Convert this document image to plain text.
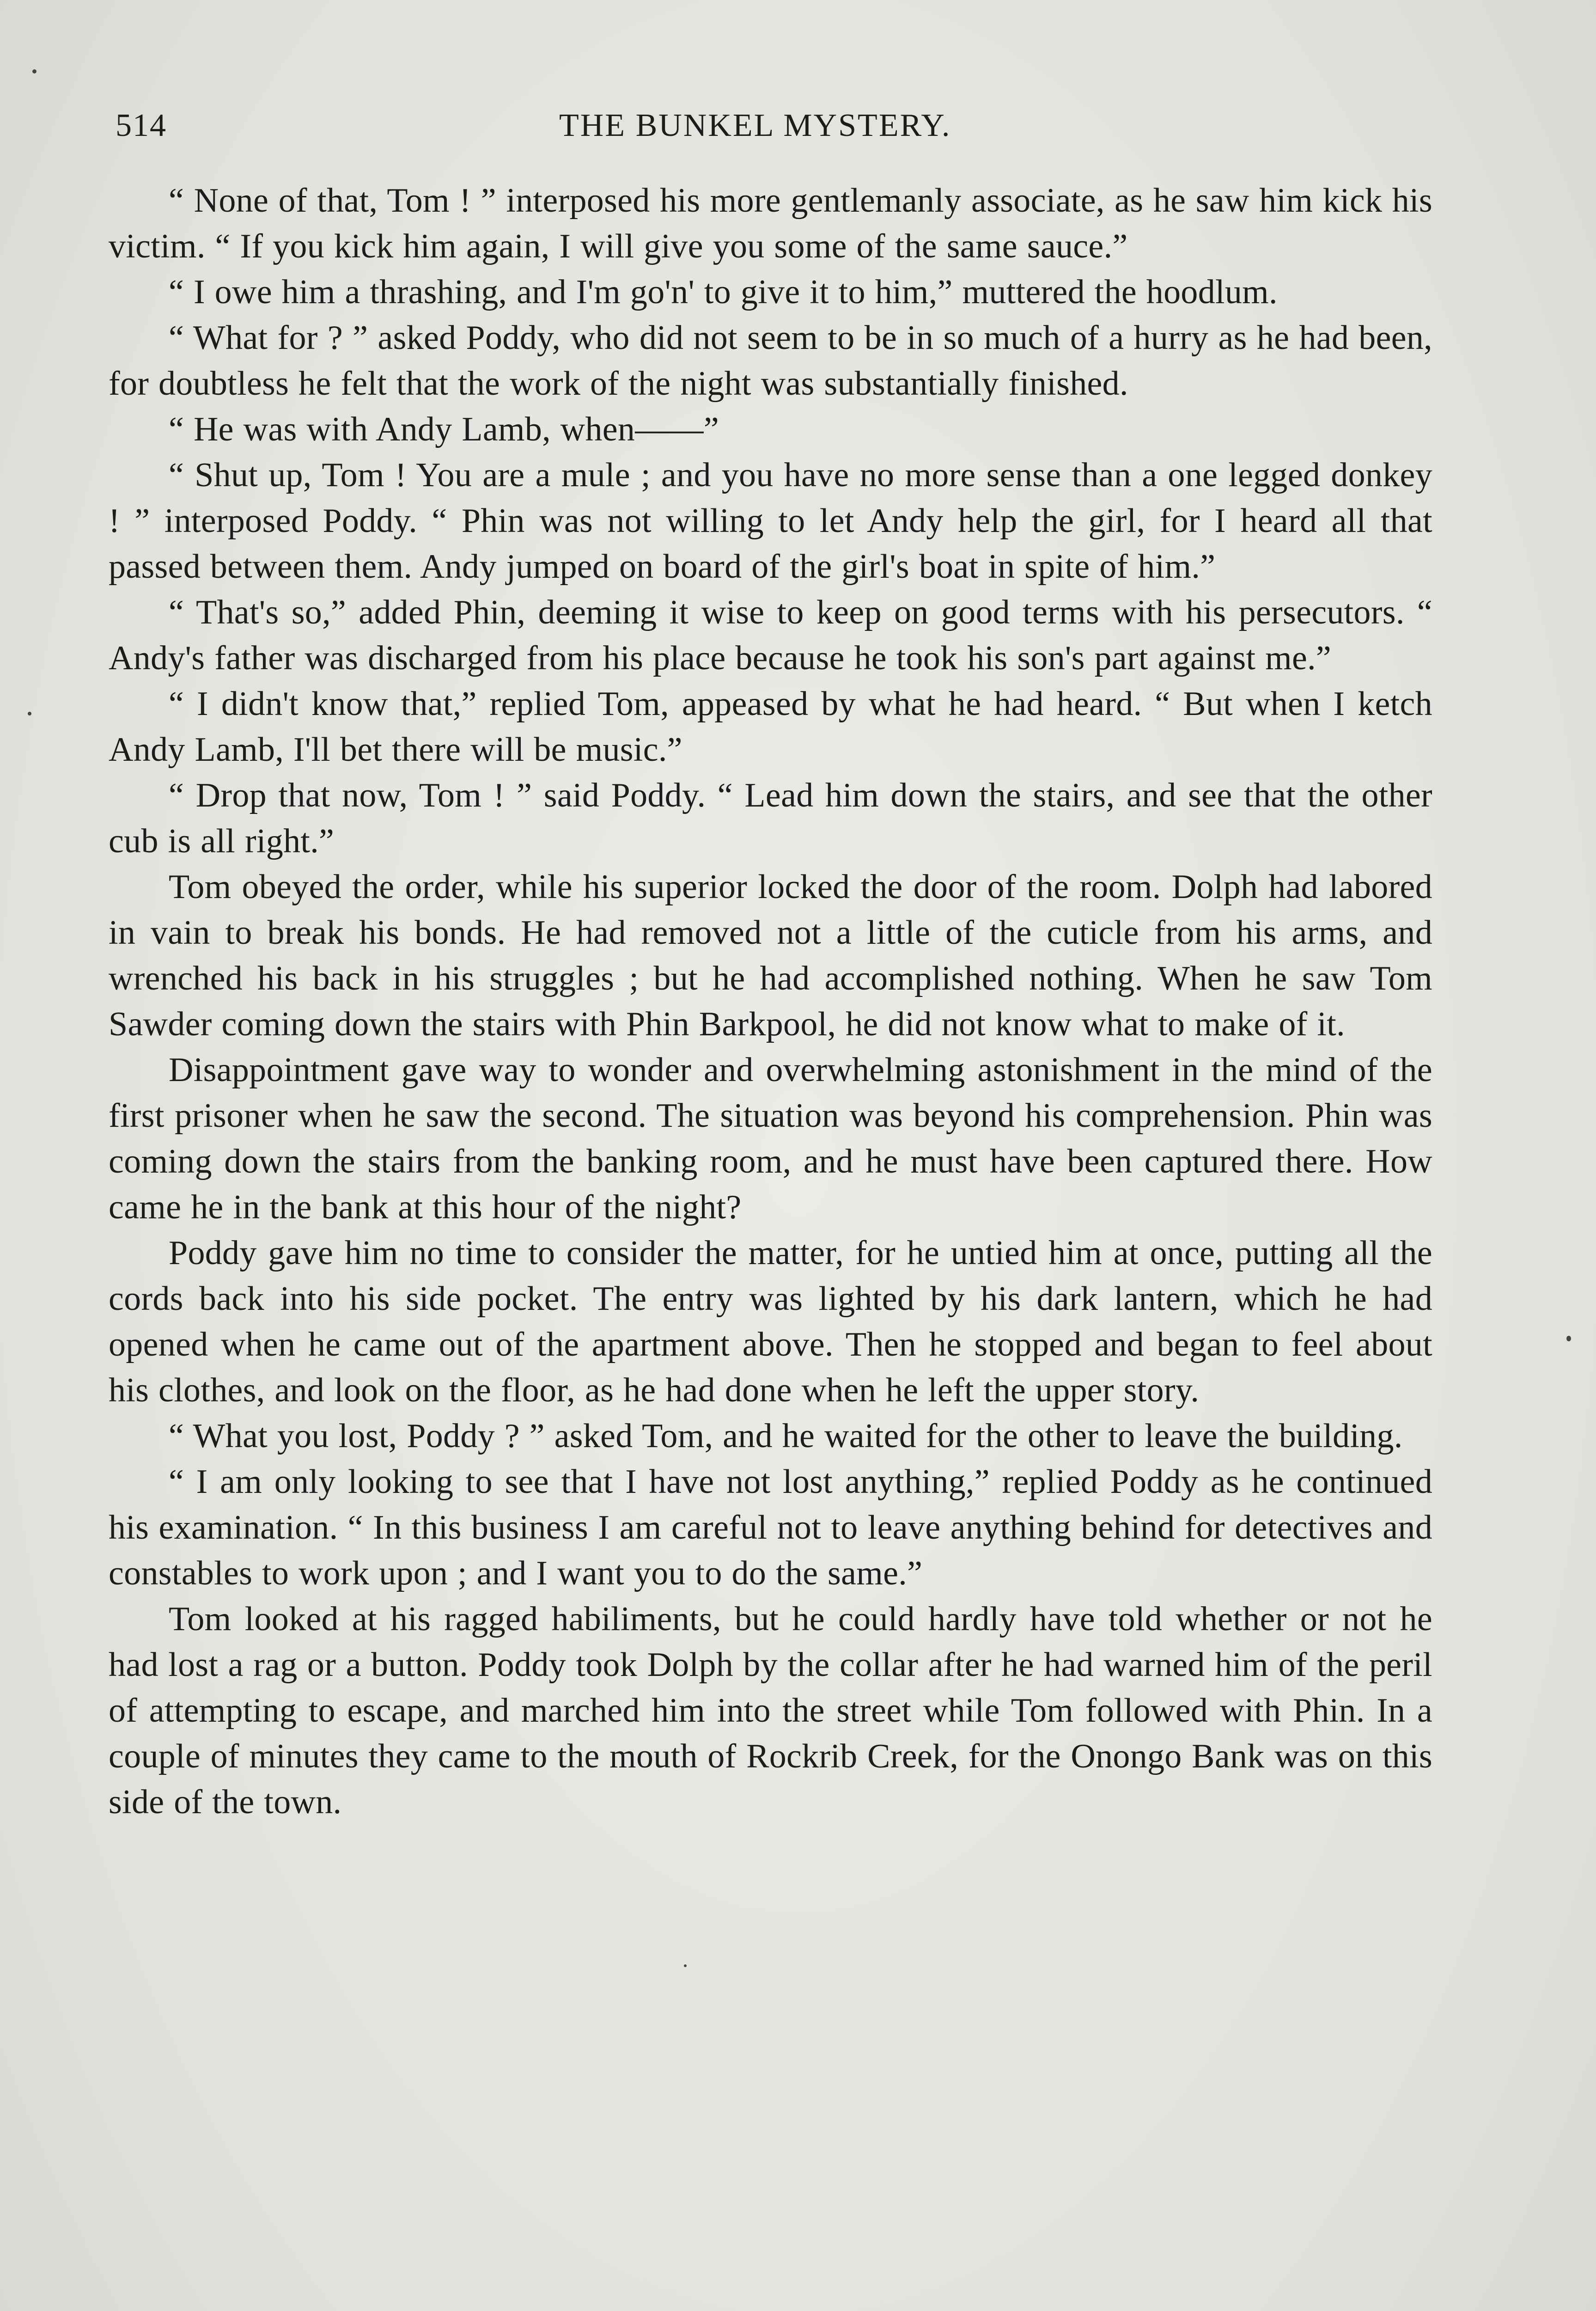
514	THE BUNKEL MYSTERY.

“ None of that, Tom ! ” interposed his more gentlemanly associate, as he saw him kick his victim. “ If you kick him again, I will give you some of the same sauce.”

“ I owe him a thrashing, and I'm go'n' to give it to him,” muttered the hoodlum.

“ What for ? ” asked Poddy, who did not seem to be in so much of a hurry as he had been, for doubtless he felt that the work of the night was substantially finished.

“ He was with Andy Lamb, when——”

“ Shut up, Tom ! You are a mule ; and you have no more sense than a one legged donkey ! ” interposed Poddy. “ Phin was not willing to let Andy help the girl, for I heard all that passed between them. Andy jumped on board of the girl's boat in spite of him.”

“ That's so,” added Phin, deeming it wise to keep on good terms with his persecutors. “ Andy's father was discharged from his place because he took his son's part against me.”

“ I didn't know that,” replied Tom, appeased by what he had heard. “ But when I ketch Andy Lamb, I'll bet there will be music.”

“ Drop that now, Tom ! ” said Poddy. “ Lead him down the stairs, and see that the other cub is all right.”

Tom obeyed the order, while his superior locked the door of the room. Dolph had labored in vain to break his bonds. He had removed not a little of the cuticle from his arms, and wrenched his back in his struggles ; but he had accomplished nothing. When he saw Tom Sawder coming down the stairs with Phin Barkpool, he did not know what to make of it.

Disappointment gave way to wonder and overwhelming astonishment in the mind of the first prisoner when he saw the second. The situation was beyond his comprehension. Phin was coming down the stairs from the banking room, and he must have been captured there. How came he in the bank at this hour of the night?

Poddy gave him no time to consider the matter, for he untied him at once, putting all the cords back into his side pocket. The entry was lighted by his dark lantern, which he had opened when he came out of the apartment above. Then he stopped and began to feel about his clothes, and look on the floor, as he had done when he left the upper story.

“ What you lost, Poddy ? ” asked Tom, and he waited for the other to leave the building.

“ I am only looking to see that I have not lost anything,” replied Poddy as he continued his examination. “ In this business I am careful not to leave anything behind for detectives and constables to work upon ; and I want you to do the same.”

Tom looked at his ragged habiliments, but he could hardly have told whether or not he had lost a rag or a button. Poddy took Dolph by the collar after he had warned him of the peril of attempting to escape, and marched him into the street while Tom followed with Phin. In a couple of minutes they came to the mouth of Rockrib Creek, for the Onongo Bank was on this side of the town.
